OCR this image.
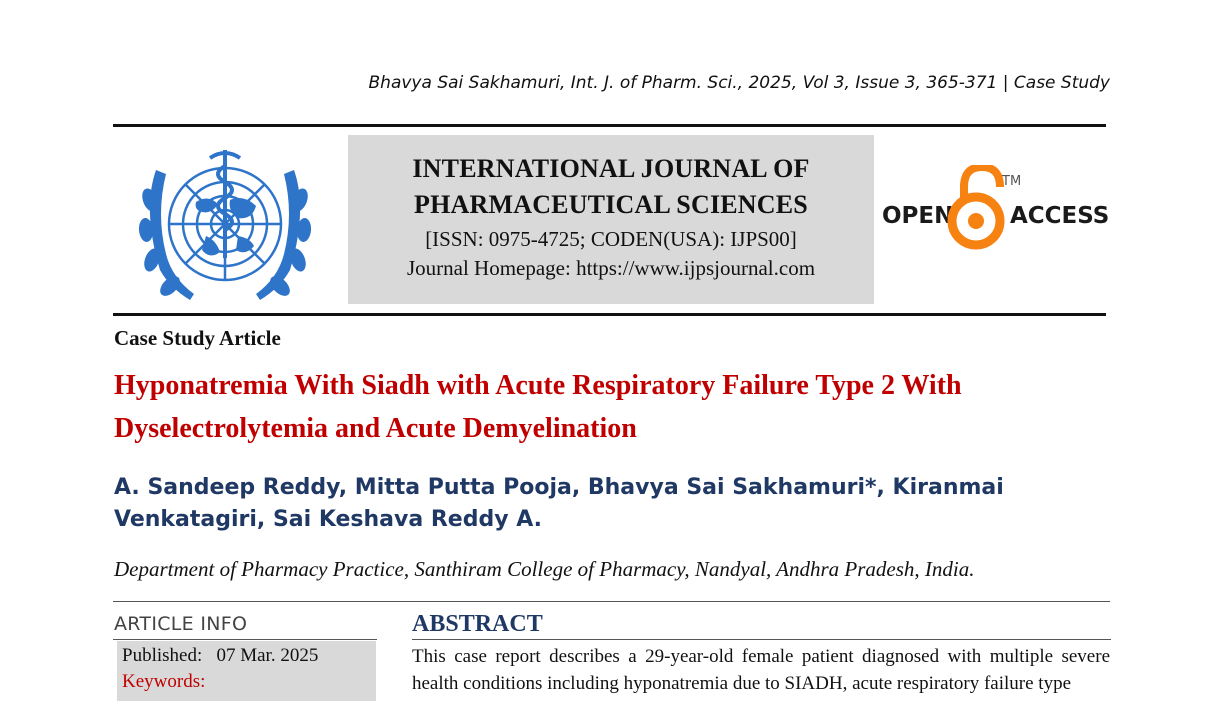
Bhavya Sai Sakhamuri, Int. J. of Pharm. Sci., 2025, Vol 3, Issue 3, 365-371 | Case Study
INTERNATIONAL JOURNAL OF
PHARMACEUTICAL SCIENCES
[ISSN: 0975-4725; CODEN(USA): IJPS00]
Journal Homepage: https://www.ijpsjournal.com
OPEN
TM
ACCESS
Case Study Article
Hyponatremia With Siadh with Acute Respiratory Failure Type 2 With Dyselectrolytemia and Acute Demyelination
A. Sandeep Reddy, Mitta Putta Pooja, Bhavya Sai Sakhamuri*, Kiranmai Venkatagiri, Sai Keshava Reddy A.
Department of Pharmacy Practice, Santhiram College of Pharmacy, Nandyal, Andhra Pradesh, India.
ARTICLE INFO
Published:   07 Mar. 2025
Keywords:
ABSTRACT
This case report describes a 29-year-old female patient diagnosed with multiple severe health conditions including hyponatremia due to SIADH, acute respiratory failure type
